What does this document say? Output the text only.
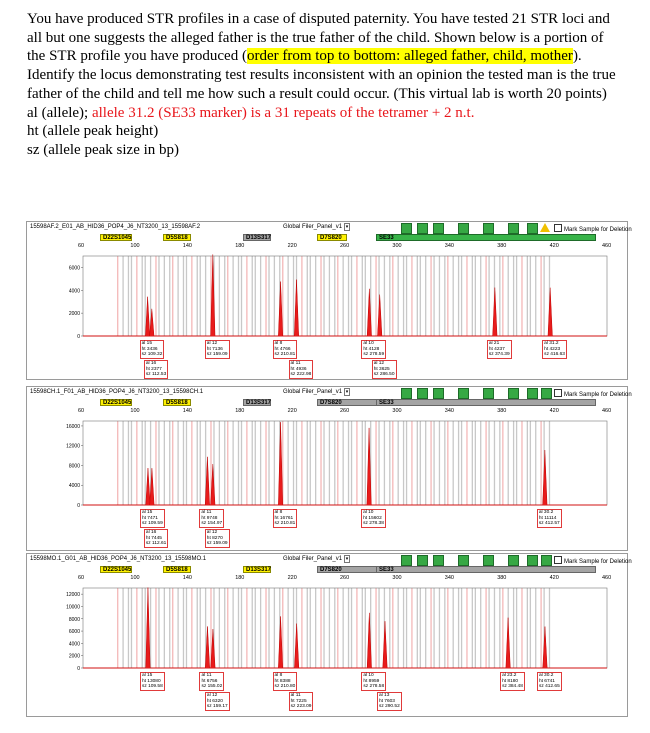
You have produced STR profiles in a case of disputed paternity. You have tested 21 STR loci and all but one suggests the alleged father is the true father of the child. Shown below is a portion of the STR profile you have produced (order from top to bottom: alleged father, child, mother). Identify the locus demonstrating test results inconsistent with an opinion the tested man is the true father of the child and tell me how such a result could occur. (This virtual lab is worth 20 points)

al (allele); allele 31.2 (SE33 marker) is a 31 repeats of the tetramer + 2 n.t.

ht (allele peak height)

sz (allele peak size in bp)

15598AF.2_E01_AB_HID36_POP4_J6_NT3200_13_15598AF.2	Global Filer_Panel_v1 ▾	Mark Sample for Deletion
D22S1045	D5S818	D13S317	D7S820	SE33
6000
4000
2000
0
60	100	140	180	220	260	300	340	380	420	460
al 15
ht 3436
sz 109.32
al 16
ht 2377
sz 112.53
al 12
ht 7136
sz 159.09
al 8
ht 4766
sz 210.81
al 11
ht 4936
sz 222.98
al 10
ht 4128
sz 278.59
al 12
ht 3625
sz 286.50
al 21
ht 4237
sz 374.39
al 31.2
ht 4223
sz 416.63
15598CH.1_F01_AB_HID36_POP4_J6_NT3200_13_15598CH.1	Global Filer_Panel_v1 ▾	Mark Sample for Deletion
D22S1045	D5S818	D13S317	D7S820	SE33
16000
12000
8000
4000
0
60	100	140	180	220	260	300	340	380	420	460
al 15
ht 7471
sz 109.59
al 16
ht 7445
sz 112.61
al 11
ht 9748
sz 154.97
al 12
ht 8270
sz 159.09
al 8
ht 16761
sz 210.81
al 10
ht 15602
sz 278.38
al 30.2
ht 11114
sz 412.57
15598MO.1_G01_AB_HID36_POP4_J6_NT3200_13_15598MO.1	Global Filer_Panel_v1 ▾	Mark Sample for Deletion
D22S1045	D5S818	D13S317	D7S820	SE33
12000
10000
8000
6000
4000
2000
0
60	100	140	180	220	260	300	340	380	420	460
al 15
ht 13080
sz 109.58
al 11
ht 6756
sz 155.02
al 12
ht 6320
sz 159.17
al 8
ht 8388
sz 210.80
al 11
ht 7225
sz 223.09
al 10
ht 8959
sz 278.58
al 13
ht 7603
sz 290.52
al 23.2
ht 8180
sz 384.48
al 30.2
ht 6741
sz 412.65
